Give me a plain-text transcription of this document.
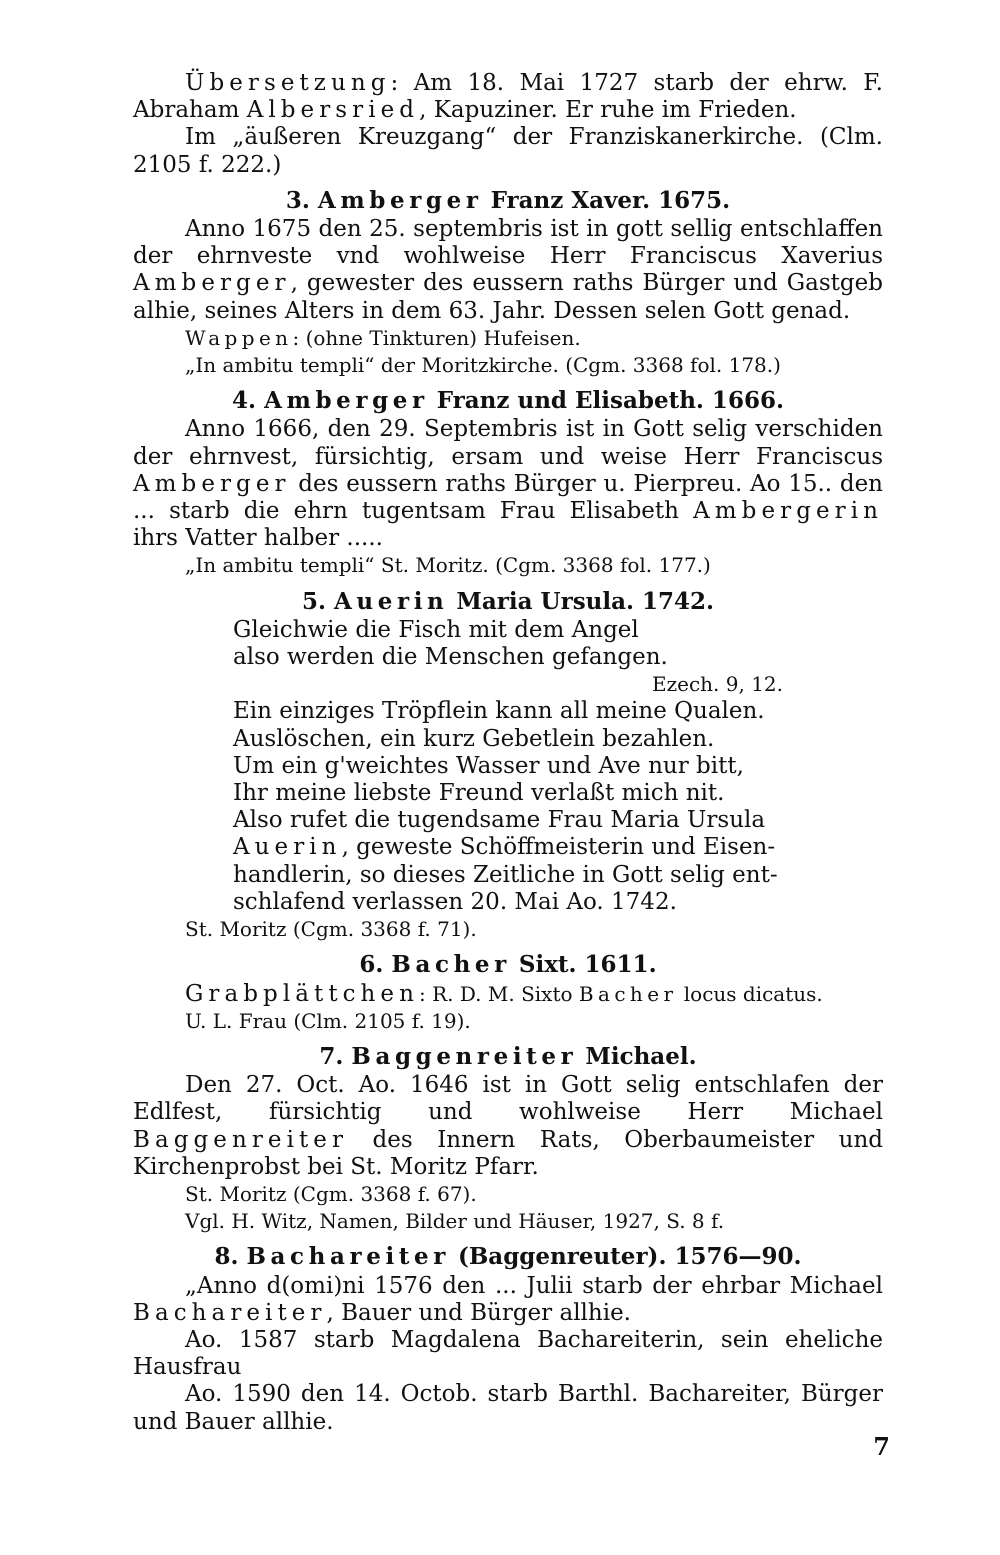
Übersetzung: Am 18. Mai 1727 starb der ehrw. F. Abraham Albersried, Kapuziner. Er ruhe im Frieden.

Im „äußeren Kreuzgang“ der Franziskanerkirche. (Clm. 2105 f. 222.)

3. Amberger Franz Xaver. 1675.

Anno 1675 den 25. septembris ist in gott sellig entschlaffen der ehrnveste vnd wohlweise Herr Franciscus Xaverius Amberger, gewester des eussern raths Bürger und Gastgeb alhie, seines Alters in dem 63. Jahr. Dessen selen Gott genad.

Wappen: (ohne Tinkturen) Hufeisen.

„In ambitu templi“ der Moritzkirche. (Cgm. 3368 fol. 178.)

4. Amberger Franz und Elisabeth. 1666.

Anno 1666, den 29. Septembris ist in Gott selig verschiden der ehrnvest, fürsichtig, ersam und weise Herr Franciscus Amberger des eussern raths Bürger u. Pierpreu. Ao 15.. den ... starb die ehrn tugentsam Frau Elisabeth Ambergerin ihrs Vatter halber .....

„In ambitu templi“ St. Moritz. (Cgm. 3368 fol. 177.)

5. Auerin Maria Ursula. 1742.
Gleichwie die Fisch mit dem Angel
also werden die Menschen gefangen.
Ezech. 9, 12.
Ein einziges Tröpflein kann all meine Qualen.
Auslöschen, ein kurz Gebetlein bezahlen.
Um ein g'weichtes Wasser und Ave nur bitt,
Ihr meine liebste Freund verlaßt mich nit.
Also rufet die tugendsame Frau Maria Ursula
Auerin, geweste Schöffmeisterin und Eisen-
handlerin, so dieses Zeitliche in Gott selig ent-
schlafend verlassen 20. Mai Ao. 1742.

St. Moritz (Cgm. 3368 f. 71).

6. Bacher Sixt. 1611.

Grabplättchen: R. D. M. Sixto Bacher locus dicatus.

U. L. Frau (Clm. 2105 f. 19).

7. Baggenreiter Michael.

Den 27. Oct. Ao. 1646 ist in Gott selig entschlafen der Edlfest, fürsichtig und wohlweise Herr Michael Baggenreiter des Innern Rats, Oberbaumeister und Kirchenprobst bei St. Moritz Pfarr.

St. Moritz (Cgm. 3368 f. 67).

Vgl. H. Witz, Namen, Bilder und Häuser, 1927, S. 8 f.

8. Bachareiter (Baggenreuter). 1576—90.

„Anno d(omi)ni 1576 den ... Julii starb der ehrbar Michael Bachareiter, Bauer und Bürger allhie.

Ao. 1587 starb Magdalena Bachareiterin, sein eheliche Hausfrau

Ao. 1590 den 14. Octob. starb Barthl. Bachareiter, Bürger und Bauer allhie.

7
